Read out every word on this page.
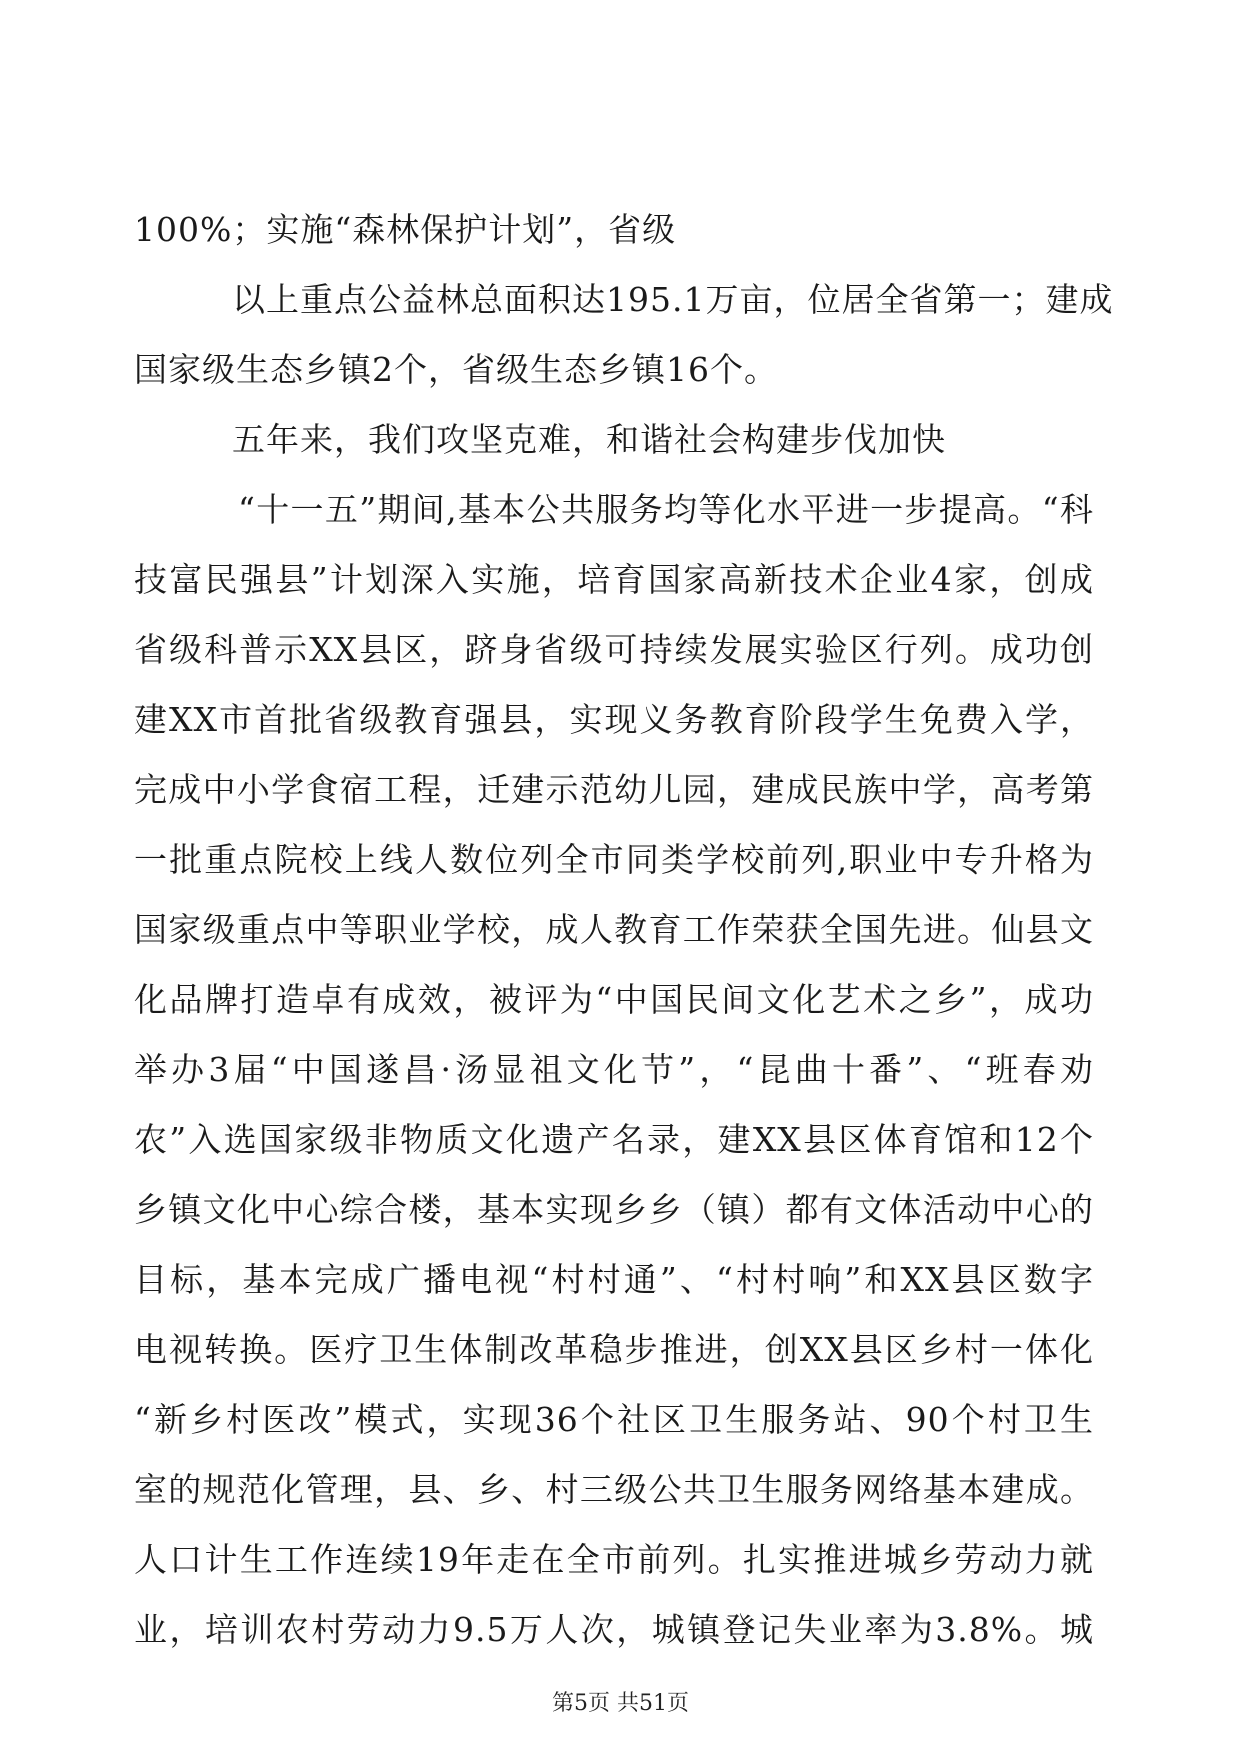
100%；实施“森林保护计划”，省级
以上重点公益林总面积达195.1万亩，位居全省第一；建成
国家级生态乡镇2个，省级生态乡镇16个。
五年来，我们攻坚克难，和谐社会构建步伐加快
“十一五”期间,基本公共服务均等化水平进一步提高。“科
技富民强县”计划深入实施，培育国家高新技术企业4家，创成
省级科普示XX县区，跻身省级可持续发展实验区行列。成功创
建XX市首批省级教育强县，实现义务教育阶段学生免费入学，
完成中小学食宿工程，迁建示范幼儿园，建成民族中学，高考第
一批重点院校上线人数位列全市同类学校前列,职业中专升格为
国家级重点中等职业学校，成人教育工作荣获全国先进。仙县文
化品牌打造卓有成效，被评为“中国民间文化艺术之乡”，成功
举办3届“中国遂昌·汤显祖文化节”，“昆曲十番”、“班春劝
农”入选国家级非物质文化遗产名录，建XX县区体育馆和12个
乡镇文化中心综合楼，基本实现乡乡（镇）都有文体活动中心的
目标，基本完成广播电视“村村通”、“村村响”和XX县区数字
电视转换。医疗卫生体制改革稳步推进，创XX县区乡村一体化
“新乡村医改”模式，实现36个社区卫生服务站、90个村卫生
室的规范化管理，县、乡、村三级公共卫生服务网络基本建成。
人口计生工作连续19年走在全市前列。扎实推进城乡劳动力就
业，培训农村劳动力9.5万人次，城镇登记失业率为3.8%。城
第5页 共51页
